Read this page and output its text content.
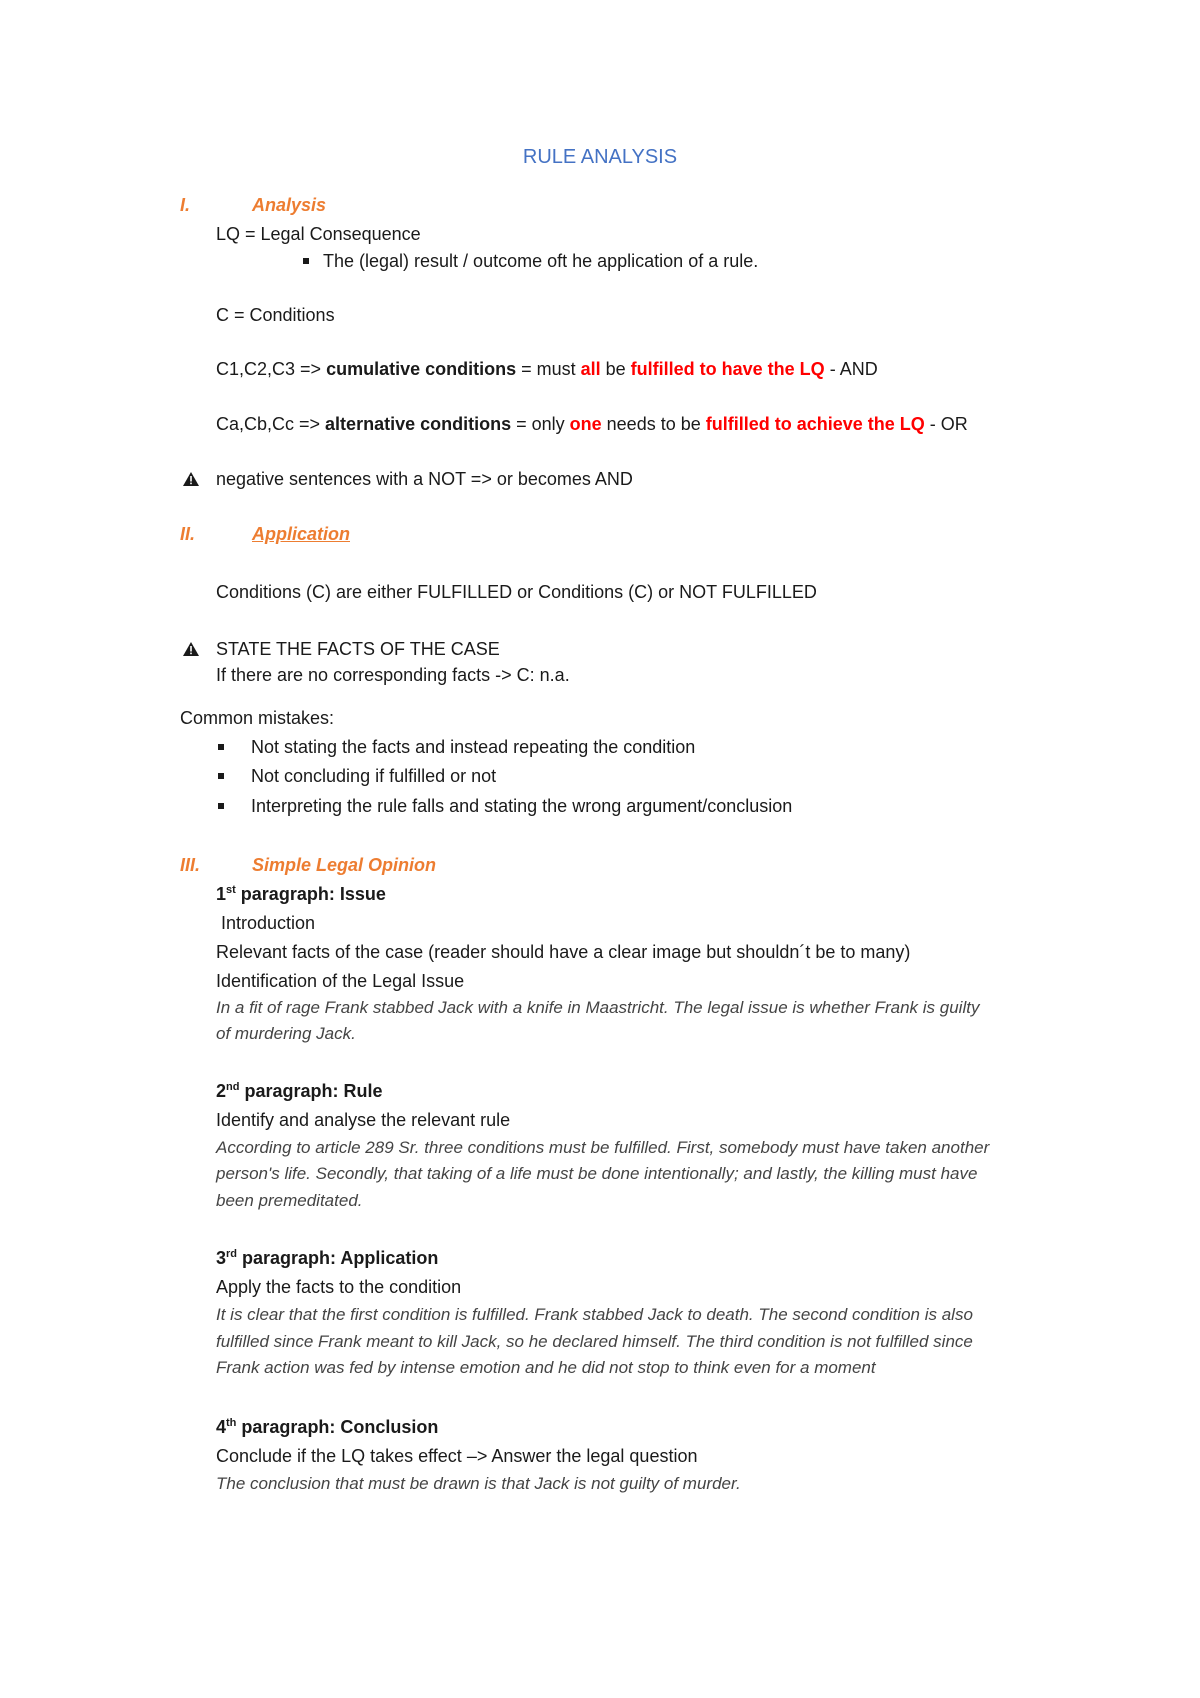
RULE ANALYSIS
I.	Analysis
LQ = Legal Consequence
The (legal) result / outcome oft he application of a rule.
C = Conditions
C1,C2,C3 => cumulative conditions = must all be fulfilled to have the LQ - AND
Ca,Cb,Cc => alternative conditions = only one needs to be fulfilled to achieve the LQ - OR
negative sentences with a NOT => or becomes AND
II.	Application
Conditions (C) are either FULFILLED or Conditions (C) or NOT FULFILLED
STATE THE FACTS OF THE CASE
If there are no corresponding facts -> C: n.a.
Common mistakes:
Not stating the facts and instead repeating the condition
Not concluding if fulfilled or not
Interpreting the rule falls and stating the wrong argument/conclusion
III.	Simple Legal Opinion
1st paragraph: Issue
Introduction
Relevant facts of the case (reader should have a clear image but shouldn´t be to many)
Identification of the Legal Issue
In a fit of rage Frank stabbed Jack with a knife in Maastricht. The legal issue is whether Frank is guilty
of murdering Jack.
2nd paragraph: Rule
Identify and analyse the relevant rule
According to article 289 Sr. three conditions must be fulfilled. First, somebody must have taken another
person's life. Secondly, that taking of a life must be done intentionally; and lastly, the killing must have
been premeditated.
3rd paragraph: Application
Apply the facts to the condition
It is clear that the first condition is fulfilled. Frank stabbed Jack to death. The second condition is also
fulfilled since Frank meant to kill Jack, so he declared himself. The third condition is not fulfilled since
Frank action was fed by intense emotion and he did not stop to think even for a moment
4th paragraph: Conclusion
Conclude if the LQ takes effect –> Answer the legal question
The conclusion that must be drawn is that Jack is not guilty of murder.
